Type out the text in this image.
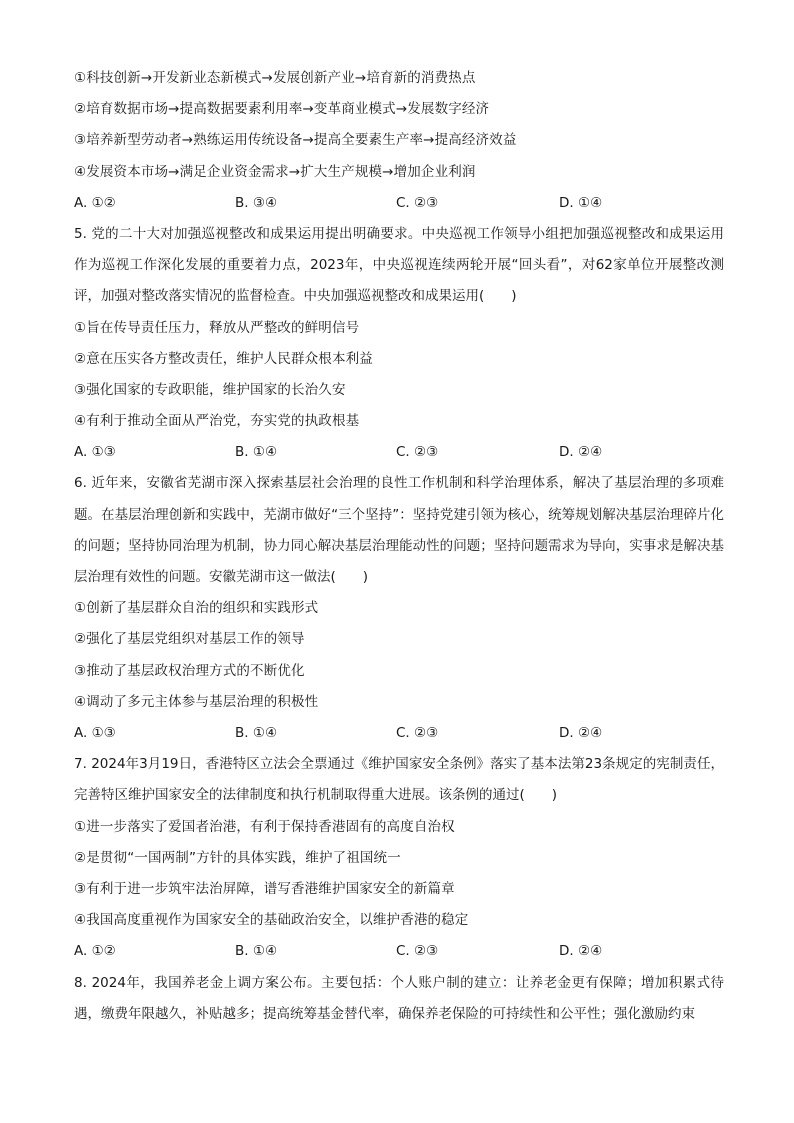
①科技创新→开发新业态新模式→发展创新产业→培育新的消费热点
②培育数据市场→提高数据要素利用率→变革商业模式→发展数字经济
③培养新型劳动者→熟练运用传统设备→提高全要素生产率→提高经济效益
④发展资本市场→满足企业资金需求→扩大生产规模→增加企业利润
A. ①②	B. ③④	C. ②③	D. ①④
5. 党的二十大对加强巡视整改和成果运用提出明确要求。中央巡视工作领导小组把加强巡视整改和成果运用作为巡视工作深化发展的重要着力点，2023年，中央巡视连续两轮开展“回头看”，对62家单位开展整改测评，加强对整改落实情况的监督检查。中央加强巡视整改和成果运用(　　)
①旨在传导责任压力，释放从严整改的鲜明信号
②意在压实各方整改责任，维护人民群众根本利益
③强化国家的专政职能，维护国家的长治久安
④有利于推动全面从严治党，夯实党的执政根基
A. ①③	B. ①④	C. ②③	D. ②④
6. 近年来，安徽省芜湖市深入探索基层社会治理的良性工作机制和科学治理体系，解决了基层治理的多项难题。在基层治理创新和实践中，芜湖市做好“三个坚持”：坚持党建引领为核心，统筹规划解决基层治理碎片化的问题；坚持协同治理为机制，协力同心解决基层治理能动性的问题；坚持问题需求为导向，实事求是解决基层治理有效性的问题。安徽芜湖市这一做法(　　)
①创新了基层群众自治的组织和实践形式
②强化了基层党组织对基层工作的领导
③推动了基层政权治理方式的不断优化
④调动了多元主体参与基层治理的积极性
A. ①③	B. ①④	C. ②③	D. ②④
7. 2024年3月19日，香港特区立法会全票通过《维护国家安全条例》落实了基本法第23条规定的宪制责任，完善特区维护国家安全的法律制度和执行机制取得重大进展。该条例的通过(　　)
①进一步落实了爱国者治港，有利于保持香港固有的高度自治权
②是贯彻“一国两制”方针的具体实践，维护了祖国统一
③有利于进一步筑牢法治屏障，谱写香港维护国家安全的新篇章
④我国高度重视作为国家安全的基础政治安全，以维护香港的稳定
A. ①②	B. ①④	C. ②③	D. ②④
8. 2024年，我国养老金上调方案公布。主要包括：个人账户制的建立：让养老金更有保障；增加积累式待遇，缴费年限越久，补贴越多；提高统筹基金替代率，确保养老保险的可持续性和公平性；强化激励约束
